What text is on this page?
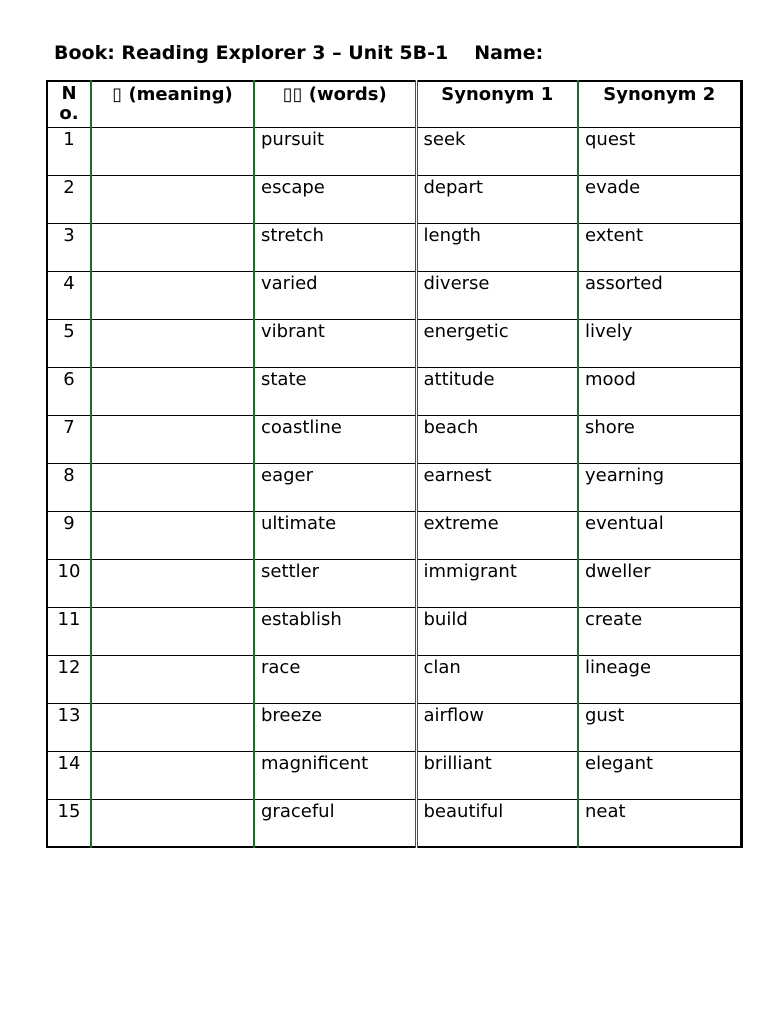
Book: Reading Explorer 3 – Unit 5B-1 Name:
No.	▯ (meaning)	▯▯ (words)	Synonym 1	Synonym 2
1		pursuit	seek	quest
2		escape	depart	evade
3		stretch	length	extent
4		varied	diverse	assorted
5		vibrant	energetic	lively
6		state	attitude	mood
7		coastline	beach	shore
8		eager	earnest	yearning
9		ultimate	extreme	eventual
10		settler	immigrant	dweller
11		establish	build	create
12		race	clan	lineage
13		breeze	airflow	gust
14		magnificent	brilliant	elegant
15		graceful	beautiful	neat
